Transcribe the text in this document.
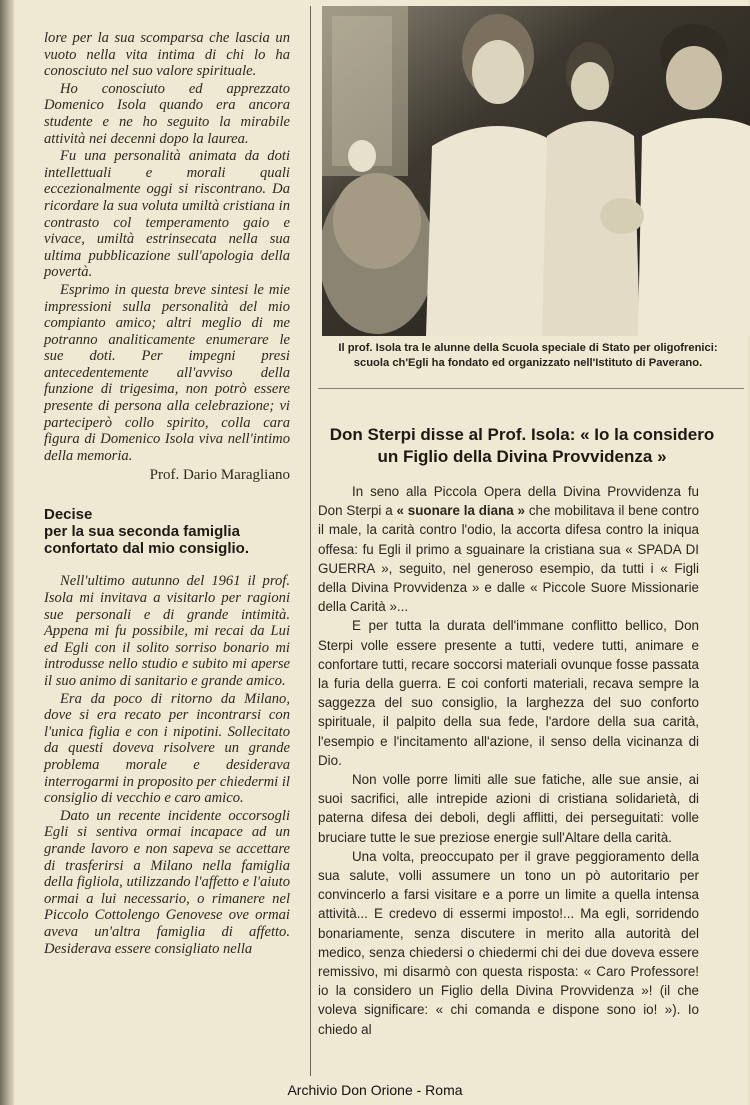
lore per la sua scomparsa che lascia un vuoto nella vita intima di chi lo ha conosciuto nel suo valore spirituale.

Ho conosciuto ed apprezzato Domenico Isola quando era ancora studente e ne ho seguito la mirabile attività nei decenni dopo la laurea.

Fu una personalità animata da doti intellettuali e morali quali eccezionalmente oggi si riscontrano. Da ricordare la sua voluta umiltà cristiana in contrasto col temperamento gaio e vivace, umiltà estrinsecata nella sua ultima pubblicazione sull'apologia della povertà.

Esprimo in questa breve sintesi le mie impressioni sulla personalità del mio compianto amico; altri meglio di me potranno analiticamente enumerare le sue doti. Per impegni presi antecedentemente all'avviso della funzione di trigesima, non potrò essere presente di persona alla celebrazione; vi parteciperò collo spirito, colla cara figura di Domenico Isola viva nell'intimo della memoria.

Prof. Dario Maragliano

Decise
per la sua seconda famiglia
confortato dal mio consiglio.

Nell'ultimo autunno del 1961 il prof. Isola mi invitava a visitarlo per ragioni sue personali e di grande intimità. Appena mi fu possibile, mi recai da Lui ed Egli con il solito sorriso bonario mi introdusse nello studio e subito mi aperse il suo animo di sanitario e grande amico.

Era da poco di ritorno da Milano, dove si era recato per incontrarsi con l'unica figlia e con i nipotini. Sollecitato da questi doveva risolvere un grande problema morale e desiderava interrogarmi in proposito per chiedermi il consiglio di vecchio e caro amico.

Dato un recente incidente occorsogli Egli si sentiva ormai incapace ad un grande lavoro e non sapeva se accettare di trasferirsi a Milano nella famiglia della figliola, utilizzando l'affetto e l'aiuto ormai a lui necessario, o rimanere nel Piccolo Cottolengo Genovese ove ormai aveva un'altra famiglia di affetto. Desiderava essere consigliato nella

Il prof. Isola tra le alunne della Scuola speciale di Stato per oligofrenici: scuola ch'Egli ha fondato ed organizzato nell'Istituto di Paverano.
Don Sterpi disse al Prof. Isola: « Io la considero un Figlio della Divina Provvidenza »

In seno alla Piccola Opera della Divina Provvidenza fu Don Sterpi a « suonare la diana » che mobilitava il bene contro il male, la carità contro l'odio, la accorta difesa contro la iniqua offesa: fu Egli il primo a sguainare la cristiana sua « SPADA DI GUERRA », seguito, nel generoso esempio, da tutti i « Figli della Divina Provvidenza » e dalle « Piccole Suore Missionarie della Carità »...

E per tutta la durata dell'immane conflitto bellico, Don Sterpi volle essere presente a tutti, vedere tutti, animare e confortare tutti, recare soccorsi materiali ovunque fosse passata la furia della guerra. E coi conforti materiali, recava sempre la saggezza del suo consiglio, la larghezza del suo conforto spirituale, il palpito della sua fede, l'ardore della sua carità, l'esempio e l'incitamento all'azione, il senso della vicinanza di Dio.

Non volle porre limiti alle sue fatiche, alle sue ansie, ai suoi sacrifici, alle intrepide azioni di cristiana solidarietà, di paterna difesa dei deboli, degli afflitti, dei perseguitati: volle bruciare tutte le sue preziose energie sull'Altare della carità.

Una volta, preoccupato per il grave peggioramento della sua salute, volli assumere un tono un pò autoritario per convincerlo a farsi visitare e a porre un limite a quella intensa attività... E credevo di essermi imposto!... Ma egli, sorridendo bonariamente, senza discutere in merito alla autorità del medico, senza chiedersi o chiedermi chi dei due doveva essere remissivo, mi disarmò con questa risposta: « Caro Professore! io la considero un Figlio della Divina Provvidenza »! (il che voleva significare: « chi comanda e dispone sono io! »). Io chiedo al

Archivio Don Orione - Roma
